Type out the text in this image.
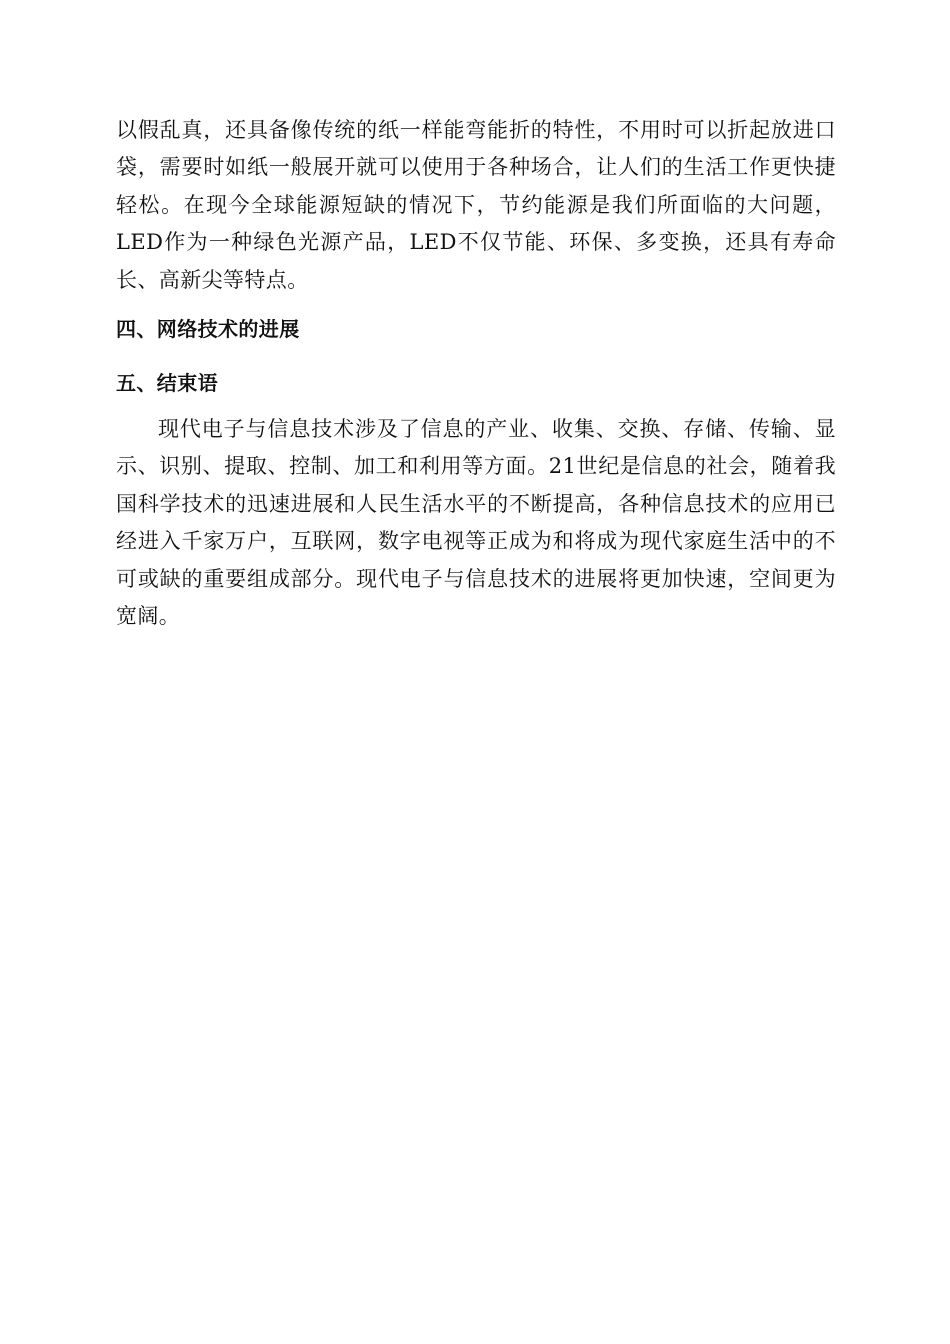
以假乱真，还具备像传统的纸一样能弯能折的特性，不用时可以折起放进口袋，需要时如纸一般展开就可以使用于各种场合，让人们的生活工作更快捷轻松。在现今全球能源短缺的情况下，节约能源是我们所面临的大问题，LED作为一种绿色光源产品，LED不仅节能、环保、多变换，还具有寿命长、高新尖等特点。

四、网络技术的进展
五、结束语

现代电子与信息技术涉及了信息的产业、收集、交换、存储、传输、显示、识别、提取、控制、加工和利用等方面。21世纪是信息的社会，随着我国科学技术的迅速进展和人民生活水平的不断提高，各种信息技术的应用已经进入千家万户，互联网，数字电视等正成为和将成为现代家庭生活中的不可或缺的重要组成部分。现代电子与信息技术的进展将更加快速，空间更为宽阔。
